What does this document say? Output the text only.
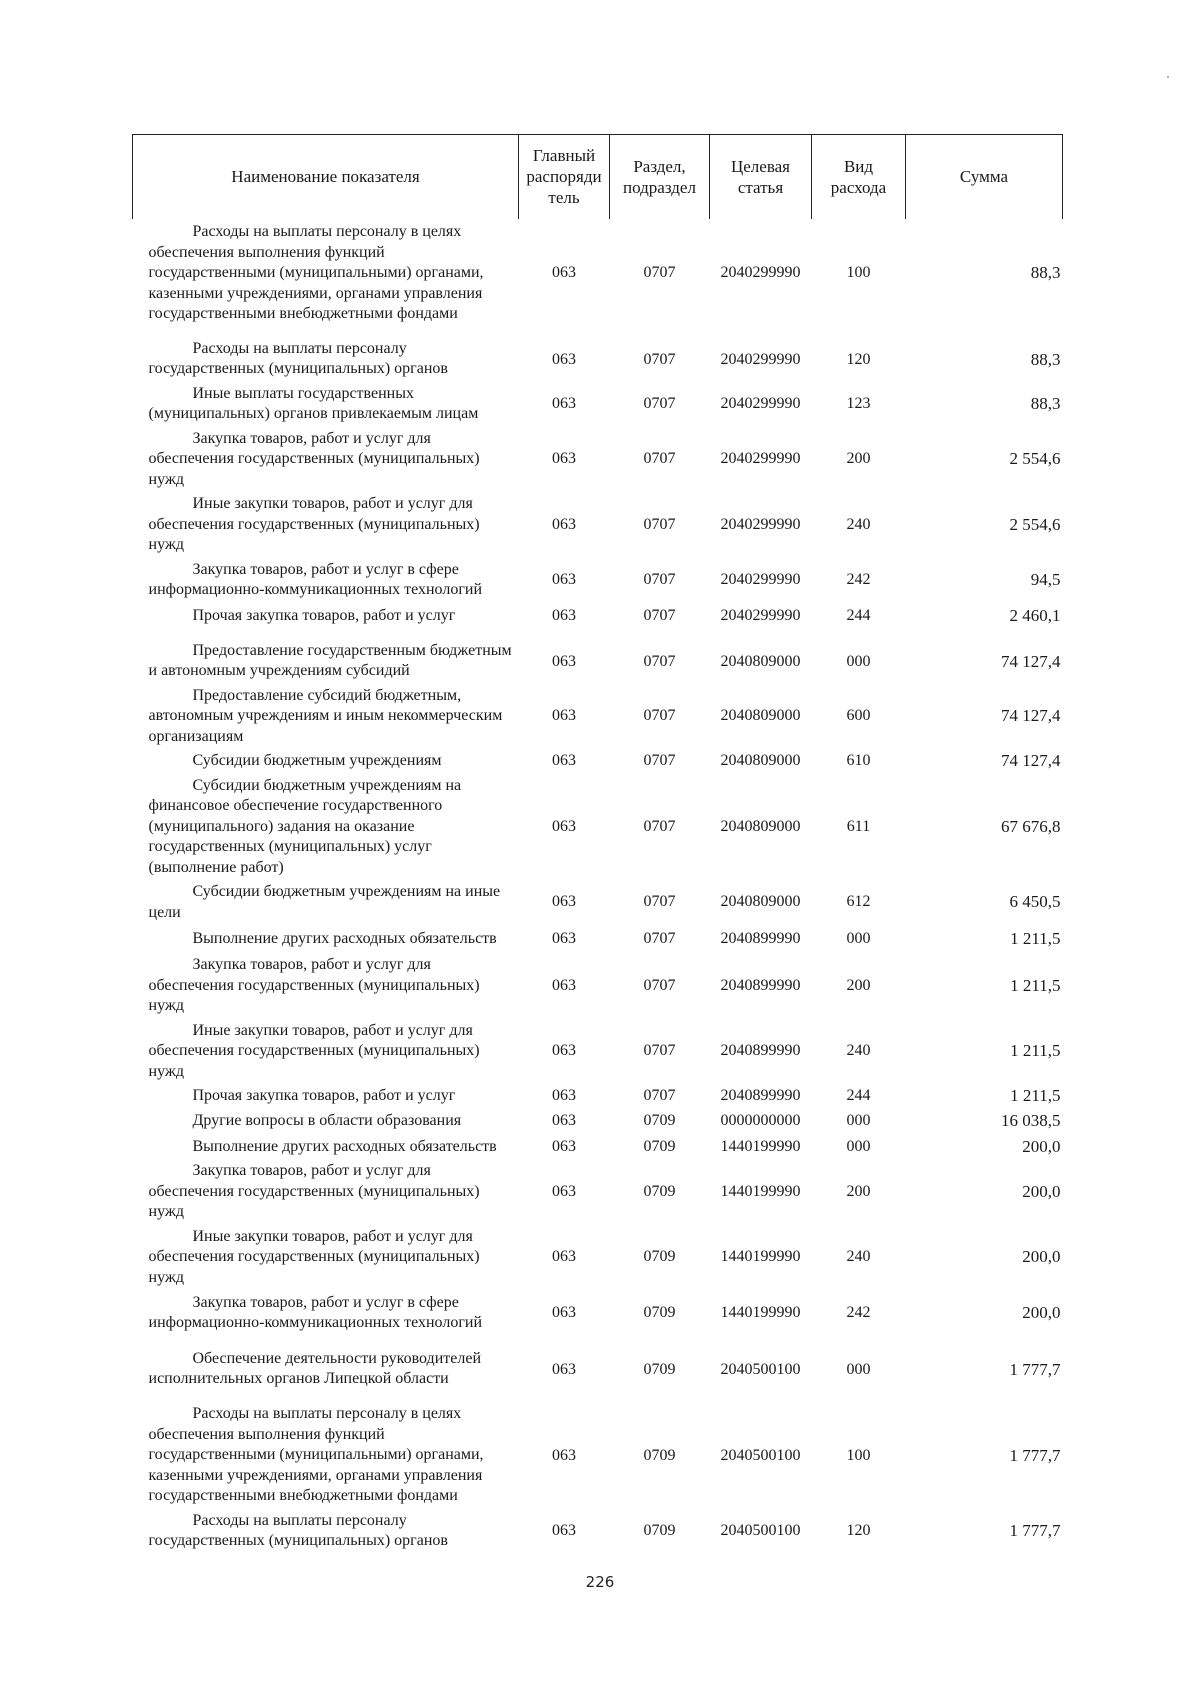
Наименование показателя	Главный распоряди тель	Раздел, подраздел	Целевая статья	Вид расхода	Сумма
Расходы на выплаты персоналу в целях обеспечения выполнения функций государственными (муниципальными) органами, казенными учреждениями, органами управления государственными внебюджетными фондами	063	0707	2040299990	100	88,3
Расходы на выплаты персоналу государственных (муниципальных) органов	063	0707	2040299990	120	88,3
Иные выплаты государственных (муниципальных) органов привлекаемым лицам	063	0707	2040299990	123	88,3
Закупка товаров, работ и услуг для обеспечения государственных (муниципальных) нужд	063	0707	2040299990	200	2 554,6
Иные закупки товаров, работ и услуг для обеспечения государственных (муниципальных) нужд	063	0707	2040299990	240	2 554,6
Закупка товаров, работ и услуг в сфере информационно-коммуникационных технологий	063	0707	2040299990	242	94,5
Прочая закупка товаров, работ и услуг	063	0707	2040299990	244	2 460,1
Предоставление государственным бюджетным и автономным учреждениям субсидий	063	0707	2040809000	000	74 127,4
Предоставление субсидий бюджетным, автономным учреждениям и иным некоммерческим организациям	063	0707	2040809000	600	74 127,4
Субсидии бюджетным учреждениям	063	0707	2040809000	610	74 127,4
Субсидии бюджетным учреждениям на финансовое обеспечение государственного (муниципального) задания на оказание государственных (муниципальных) услуг (выполнение работ)	063	0707	2040809000	611	67 676,8
Субсидии бюджетным учреждениям на иные цели	063	0707	2040809000	612	6 450,5
Выполнение других расходных обязательств	063	0707	2040899990	000	1 211,5
Закупка товаров, работ и услуг для обеспечения государственных (муниципальных) нужд	063	0707	2040899990	200	1 211,5
Иные закупки товаров, работ и услуг для обеспечения государственных (муниципальных) нужд	063	0707	2040899990	240	1 211,5
Прочая закупка товаров, работ и услуг	063	0707	2040899990	244	1 211,5
Другие вопросы в области образования	063	0709	0000000000	000	16 038,5
Выполнение других расходных обязательств	063	0709	1440199990	000	200,0
Закупка товаров, работ и услуг для обеспечения государственных (муниципальных) нужд	063	0709	1440199990	200	200,0
Иные закупки товаров, работ и услуг для обеспечения государственных (муниципальных) нужд	063	0709	1440199990	240	200,0
Закупка товаров, работ и услуг в сфере информационно-коммуникационных технологий	063	0709	1440199990	242	200,0
Обеспечение деятельности руководителей исполнительных органов Липецкой области	063	0709	2040500100	000	1 777,7
Расходы на выплаты персоналу в целях обеспечения выполнения функций государственными (муниципальными) органами, казенными учреждениями, органами управления государственными внебюджетными фондами	063	0709	2040500100	100	1 777,7
Расходы на выплаты персоналу государственных (муниципальных) органов	063	0709	2040500100	120	1 777,7
226
